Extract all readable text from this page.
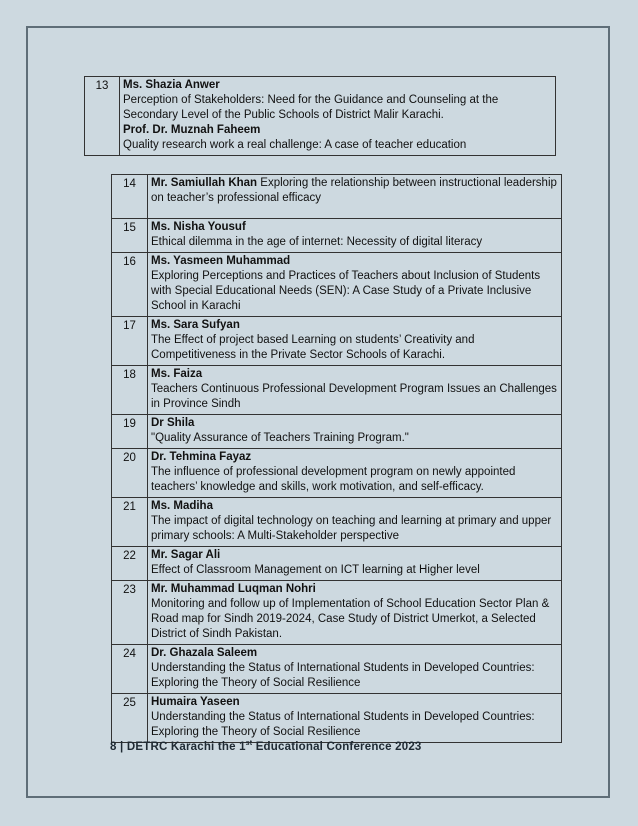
13	Ms. Shazia Anwer
Perception of Stakeholders: Need for the Guidance and Counseling at the Secondary Level of the Public Schools of District Malir Karachi.
Prof. Dr. Muznah Faheem
Quality research work a real challenge: A case of teacher education
14	Mr. Samiullah Khan Exploring the relationship between instructional leadership on teacher’s professional efficacy
15	Ms. Nisha Yousuf
Ethical dilemma in the age of internet: Necessity of digital literacy

16	Ms. Yasmeen Muhammad
Exploring Perceptions and Practices of Teachers about Inclusion of Students with Special Educational Needs (SEN): A Case Study of a Private Inclusive School in Karachi

17	Ms. Sara Sufyan
The Effect of project based Learning on students’ Creativity and Competitiveness in the Private Sector Schools of Karachi.

18	Ms. Faiza
Teachers Continuous Professional Development Program Issues an Challenges in Province Sindh

19	Dr Shila
"Quality Assurance of Teachers Training Program."

20	Dr. Tehmina Fayaz
The influence of professional development program on newly appointed teachers’ knowledge and skills, work motivation, and self-efficacy.

21	Ms. Madiha
The impact of digital technology on teaching and learning at primary and upper primary schools: A Multi-Stakeholder perspective

22	Mr. Sagar Ali
Effect of Classroom Management on ICT learning at Higher level

23	Mr. Muhammad Luqman Nohri
Monitoring and follow up of Implementation of School Education Sector Plan & Road map for Sindh 2019-2024, Case Study of District Umerkot, a Selected District of Sindh Pakistan.

24	Dr. Ghazala Saleem
Understanding the Status of International Students in Developed Countries: Exploring the Theory of Social Resilience

25	Humaira Yaseen
Understanding the Status of International Students in Developed Countries: Exploring the Theory of Social Resilience
8 | DETRC Karachi the 1st Educational Conference 2023
